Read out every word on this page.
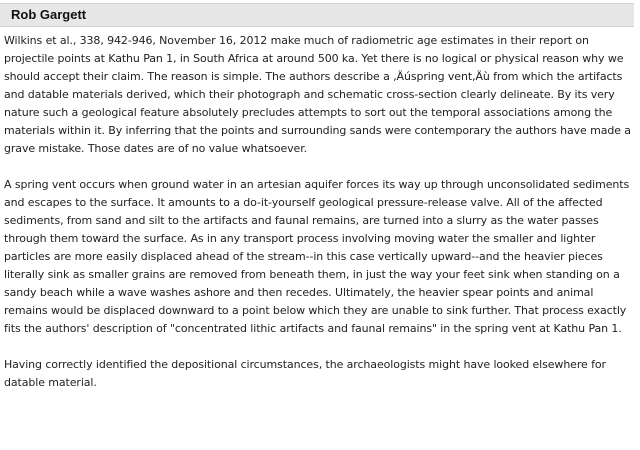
Rob Gargett

Wilkins et al., 338, 942-946, November 16, 2012 make much of radiometric age estimates in their report on projectile points at Kathu Pan 1, in South Africa at around 500 ka. Yet there is no logical or physical reason why we should accept their claim. The reason is simple. The authors describe a ‚Äúspring vent‚Äù from which the artifacts and datable materials derived, which their photograph and schematic cross-section clearly delineate. By its very nature such a geological feature absolutely precludes attempts to sort out the temporal associations among the materials within it. By inferring that the points and surrounding sands were contemporary the authors have made a grave mistake. Those dates are of no value whatsoever.

A spring vent occurs when ground water in an artesian aquifer forces its way up through unconsolidated sediments and escapes to the surface. It amounts to a do-it-yourself geological pressure-release valve. All of the affected sediments, from sand and silt to the artifacts and faunal remains, are turned into a slurry as the water passes through them toward the surface. As in any transport process involving moving water the smaller and lighter particles are more easily displaced ahead of the stream--in this case vertically upward--and the heavier pieces literally sink as smaller grains are removed from beneath them, in just the way your feet sink when standing on a sandy beach while a wave washes ashore and then recedes. Ultimately, the heavier spear points and animal remains would be displaced downward to a point below which they are unable to sink further. That process exactly fits the authors' description of "concentrated lithic artifacts and faunal remains" in the spring vent at Kathu Pan 1.

Having correctly identified the depositional circumstances, the archaeologists might have looked elsewhere for datable material.
